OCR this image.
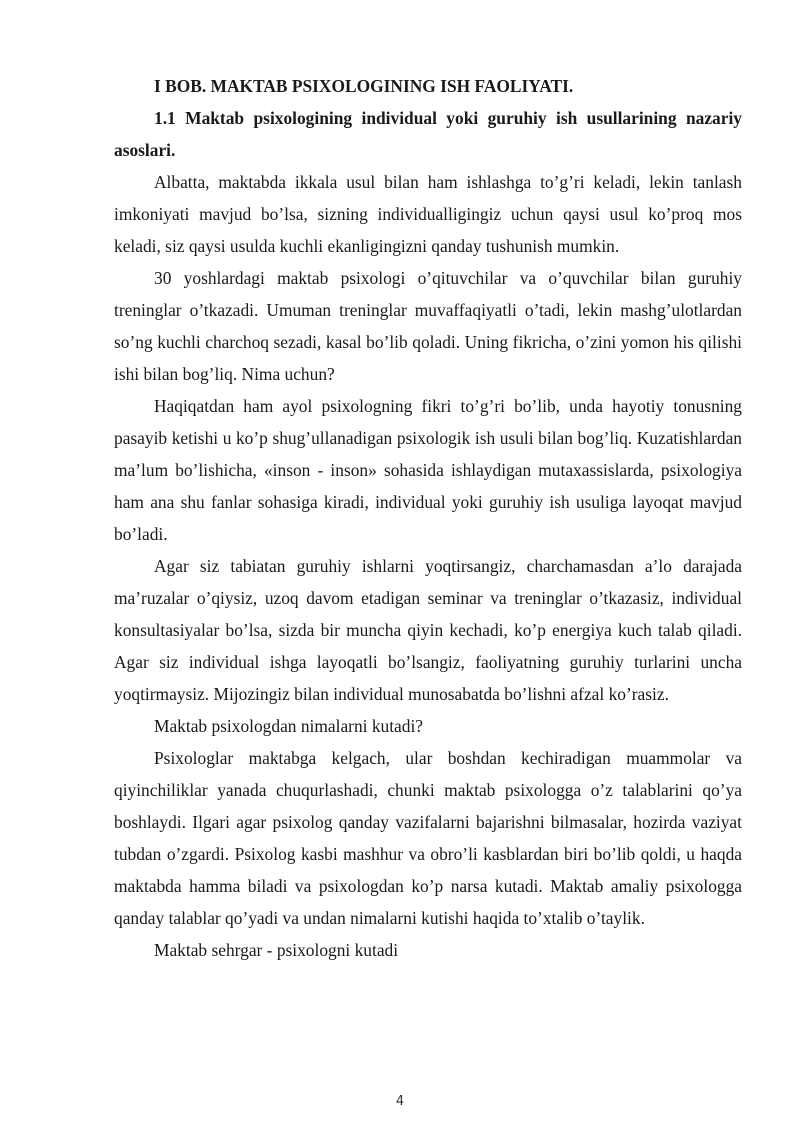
I BOB. MAKTAB PSIXOLOGINING ISH FAOLIYATI.

1.1 Maktab psixologining individual yoki guruhiy ish usullarining nazariy asoslari.

Albatta, maktabda ikkala usul bilan ham ishlashga to’g’ri keladi, lekin tanlash imkoniyati mavjud bo’lsa, sizning individualligingiz uchun qaysi usul ko’proq mos keladi, siz qaysi usulda kuchli ekanligingizni qanday tushunish mumkin.

30 yoshlardagi maktab psixologi o’qituvchilar va o’quvchilar bilan guruhiy treninglar o’tkazadi. Umuman treninglar muvaffaqiyatli o’tadi, lekin mashg’ulotlardan so’ng kuchli charchoq sezadi, kasal bo’lib qoladi. Uning fikricha, o’zini yomon his qilishi ishi bilan bog’liq. Nima uchun?

Haqiqatdan ham ayol psixologning fikri to’g’ri bo’lib, unda hayotiy tonusning pasayib ketishi u ko’p shug’ullanadigan psixologik ish usuli bilan bog’liq. Kuzatishlardan ma’lum bo’lishicha, «inson - inson» sohasida ishlaydigan mutaxassislarda, psixologiya ham ana shu fanlar sohasiga kiradi, individual yoki guruhiy ish usuliga layoqat mavjud bo’ladi.

Agar siz tabiatan guruhiy ishlarni yoqtirsangiz, charchamasdan a’lo darajada ma’ruzalar o’qiysiz, uzoq davom etadigan seminar va treninglar o’tkazasiz, individual konsultasiyalar bo’lsa, sizda bir muncha qiyin kechadi, ko’p energiya kuch talab qiladi. Agar siz individual ishga layoqatli bo’lsangiz, faoliyatning guruhiy turlarini uncha yoqtirmaysiz. Mijozingiz bilan individual munosabatda bo’lishni afzal ko’rasiz.

Maktab psixologdan nimalarni kutadi?

Psixologlar maktabga kelgach, ular boshdan kechiradigan muammolar va qiyinchiliklar yanada chuqurlashadi, chunki maktab psixologga o’z talablarini qo’ya boshlaydi. Ilgari agar psixolog qanday vazifalarni bajarishni bilmasalar, hozirda vaziyat tubdan o’zgardi. Psixolog kasbi mashhur va obro’li kasblardan biri bo’lib qoldi, u haqda maktabda hamma biladi va psixologdan ko’p narsa kutadi. Maktab amaliy psixologga qanday talablar qo’yadi va undan nimalarni kutishi haqida to’xtalib o’taylik.

Maktab sehrgar - psixologni kutadi

4
